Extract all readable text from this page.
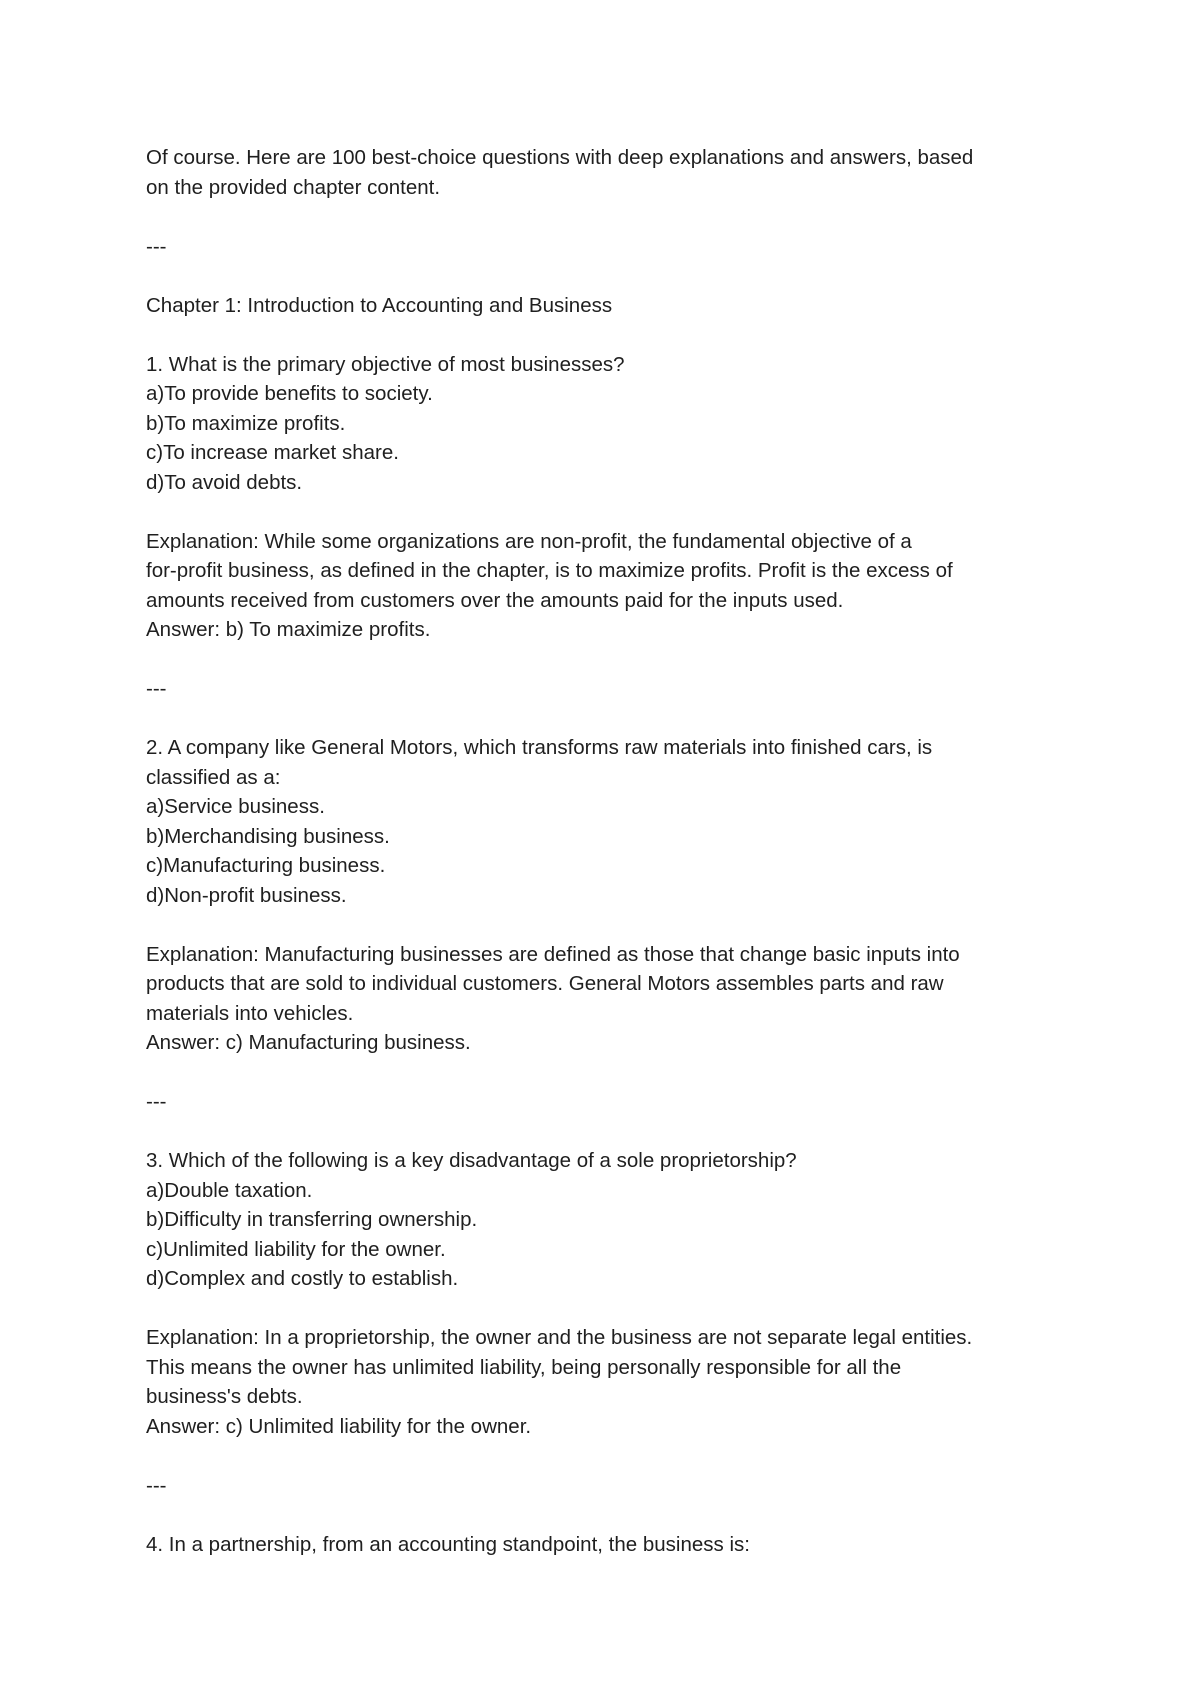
Of course. Here are 100 best-choice questions with deep explanations and answers, based

on the provided chapter content.

---

Chapter 1: Introduction to Accounting and Business

1. What is the primary objective of most businesses?

a)To provide benefits to society.

b)To maximize profits.

c)To increase market share.

d)To avoid debts.

Explanation: While some organizations are non-profit, the fundamental objective of a

for-profit business, as defined in the chapter, is to maximize profits. Profit is the excess of

amounts received from customers over the amounts paid for the inputs used.

Answer: b) To maximize profits.

---

2. A company like General Motors, which transforms raw materials into finished cars, is

classified as a:

a)Service business.

b)Merchandising business.

c)Manufacturing business.

d)Non-profit business.

Explanation: Manufacturing businesses are defined as those that change basic inputs into

products that are sold to individual customers. General Motors assembles parts and raw

materials into vehicles.

Answer: c) Manufacturing business.

---

3. Which of the following is a key disadvantage of a sole proprietorship?

a)Double taxation.

b)Difficulty in transferring ownership.

c)Unlimited liability for the owner.

d)Complex and costly to establish.

Explanation: In a proprietorship, the owner and the business are not separate legal entities.

This means the owner has unlimited liability, being personally responsible for all the

business's debts.

Answer: c) Unlimited liability for the owner.

---

4. In a partnership, from an accounting standpoint, the business is:
